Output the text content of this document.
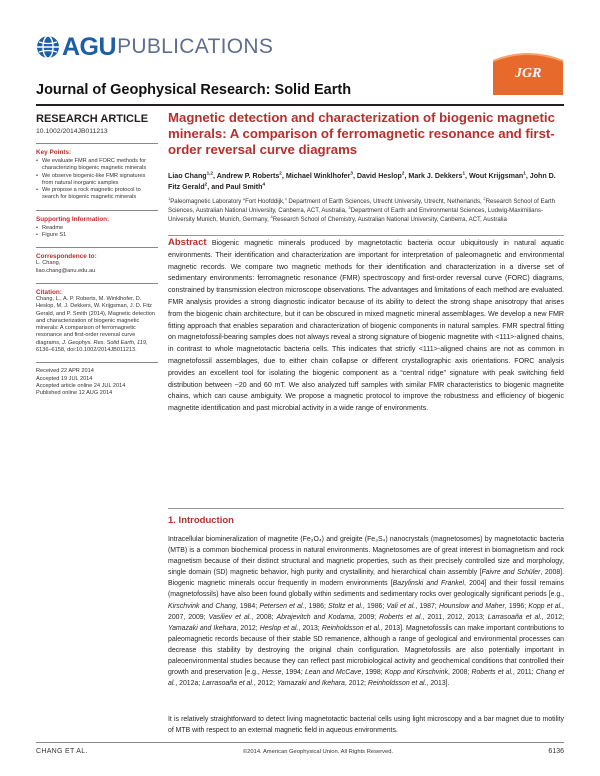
AGU PUBLICATIONS
JGR
Journal of Geophysical Research: Solid Earth
RESEARCH ARTICLE
10.1002/2014JB011213
Key Points:
• We evaluate FMR and FORC methods for characterizing biogenic magnetic minerals
• We observe biogenic-like FMR signatures from natural inorganic samples
• We propose a rock magnetic protocol to search for biogenic magnetic minerals
Supporting Information:
• Readme
• Figure S1
Correspondence to:
L. Chang,
liao.chang@anu.edu.au
Citation:
Chang, L., A. P. Roberts, M. Winklhofer, D. Heslop, M. J. Dekkers, W. Krijgsman, J. D. Fitz Gerald, and P. Smith (2014), Magnetic detection and characterization of biogenic magnetic minerals: A comparison of ferromagnetic resonance and first-order reversal curve diagrams, J. Geophys. Res. Solid Earth, 119, 6136–6158, doi:10.1002/2014JB011213.
Received 22 APR 2014
Accepted 19 JUL 2014
Accepted article online 24 JUL 2014
Published online 12 AUG 2014
Magnetic detection and characterization of biogenic magnetic minerals: A comparison of ferromagnetic resonance and first-order reversal curve diagrams
Liao Chang$^{1,2}$, Andrew P. Roberts$^2$, Michael Winklhofer$^3$, David Heslop$^2$, Mark J. Dekkers$^1$, Wout Krijgsman$^1$, John D. Fitz Gerald$^2$, and Paul Smith$^4$
$^1$Paleomagnetic Laboratory “Fort Hoofddijk,” Department of Earth Sciences, Utrecht University, Utrecht, Netherlands, $^2$Research School of Earth Sciences, Australian National University, Canberra, ACT, Australia, $^3$Department of Earth and Environmental Sciences, Ludwig-Maximilians-University Munich, Munich, Germany, $^4$Research School of Chemistry, Australian National University, Canberra, ACT, Australia
Abstract Biogenic magnetic minerals produced by magnetotactic bacteria occur ubiquitously in natural aquatic environments. Their identification and characterization are important for interpretation of paleomagnetic and environmental magnetic records. We compare two magnetic methods for their identification and characterization in a diverse set of sedimentary environments: ferromagnetic resonance (FMR) spectroscopy and first-order reversal curve (FORC) diagrams, constrained by transmission electron microscope observations. The advantages and limitations of each method are evaluated. FMR analysis provides a strong diagnostic indicator because of its ability to detect the strong shape anisotropy that arises from the biogenic chain architecture, but it can be obscured in mixed magnetic mineral assemblages. We develop a new FMR fitting approach that enables separation and characterization of biogenic components in natural samples. FMR spectral fitting on magnetofossil-bearing samples does not always reveal a strong signature of biogenic magnetite with <111>-aligned chains, in contrast to whole magnetotactic bacteria cells. This indicates that strictly <111>-aligned chains are not as common in magnetofossil assemblages, due to either chain collapse or different crystallographic axis orientations. FORC analysis provides an excellent tool for isolating the biogenic component as a “central ridge” signature with peak switching field distribution between ~20 and 60 mT. We also analyzed tuff samples with similar FMR characteristics to biogenic magnetite chains, which can cause ambiguity. We propose a magnetic protocol to improve the robustness and efficiency of biogenic magnetite identification and past microbial activity in a wide range of environments.
1. Introduction
Intracellular biomineralization of magnetite (Fe₃O₄) and greigite (Fe₃S₄) nanocrystals (magnetosomes) by magnetotactic bacteria (MTB) is a common biochemical process in natural environments. Magnetosomes are of great interest in biomagnetism and rock magnetism because of their distinct structural and magnetic properties, such as their precisely controlled size and morphology, single domain (SD) magnetic behavior, high purity and crystallinity, and hierarchical chain assembly [Faivre and Schüler, 2008]. Biogenic magnetic minerals occur frequently in modern environments [Bazylinski and Frankel, 2004] and their fossil remains (magnetofossils) have also been found globally within sediments and sedimentary rocks over geologically significant periods [e.g., Kirschvink and Chang, 1984; Petersen et al., 1986; Stoltz et al., 1986; Vali et al., 1987; Hounslow and Maher, 1996; Kopp et al., 2007, 2009; Vasiliev et al., 2008; Abrajevitch and Kodama, 2009; Roberts et al., 2011, 2012, 2013; Larrasoaña et al., 2012; Yamazaki and Ikehara, 2012; Heslop et al., 2013; Reinholdsson et al., 2013]. Magnetofossils can make important contributions to paleomagnetic records because of their stable SD remanence, although a range of geological and environmental processes can decrease this stability by destroying the original chain configuration. Magnetofossils are also potentially important in paleoenvironmental studies because they can reflect past microbiological activity and geochemical conditions that controlled their growth and preservation [e.g., Hesse, 1994; Lean and McCave, 1998; Kopp and Kirschvink, 2008; Roberts et al., 2011; Chang et al., 2012a; Larrasoaña et al., 2012; Yamazaki and Ikehara, 2012; Reinholdsson et al., 2013].
It is relatively straightforward to detect living magnetotactic bacterial cells using light microscopy and a bar magnet due to motility of MTB with respect to an external magnetic field in aqueous environments.
CHANG ET AL.	©2014. American Geophysical Union. All Rights Reserved.	6136
